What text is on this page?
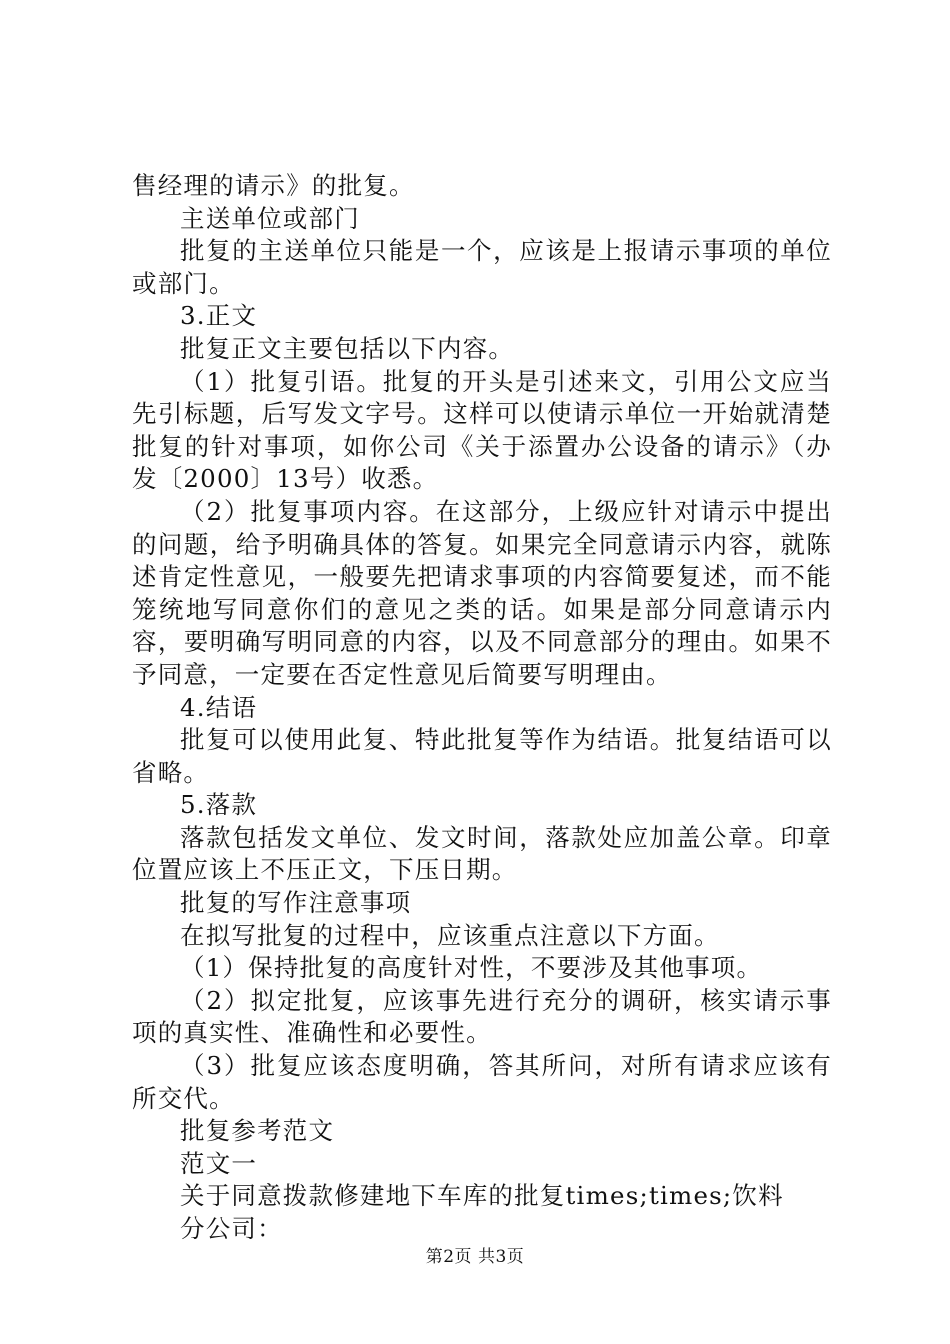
售经理的请示》的批复。

主送单位或部门

批复的主送单位只能是一个，应该是上报请示事项的单位或部门。

3.正文

批复正文主要包括以下内容。

（1）批复引语。批复的开头是引述来文，引用公文应当先引标题，后写发文字号。这样可以使请示单位一开始就清楚批复的针对事项，如你公司《关于添置办公设备的请示》（办发〔2000〕13号）收悉。

（2）批复事项内容。在这部分，上级应针对请示中提出的问题，给予明确具体的答复。如果完全同意请示内容，就陈述肯定性意见，一般要先把请求事项的内容简要复述，而不能笼统地写同意你们的意见之类的话。如果是部分同意请示内容，要明确写明同意的内容，以及不同意部分的理由。如果不予同意，一定要在否定性意见后简要写明理由。

4.结语

批复可以使用此复、特此批复等作为结语。批复结语可以省略。

5.落款

落款包括发文单位、发文时间，落款处应加盖公章。印章位置应该上不压正文，下压日期。

批复的写作注意事项

在拟写批复的过程中，应该重点注意以下方面。

（1）保持批复的高度针对性，不要涉及其他事项。

（2）拟定批复，应该事先进行充分的调研，核实请示事项的真实性、准确性和必要性。

（3）批复应该态度明确，答其所问，对所有请求应该有所交代。

批复参考范文

范文一

关于同意拨款修建地下车库的批复times;times;饮料

分公司：

第2页 共3页
